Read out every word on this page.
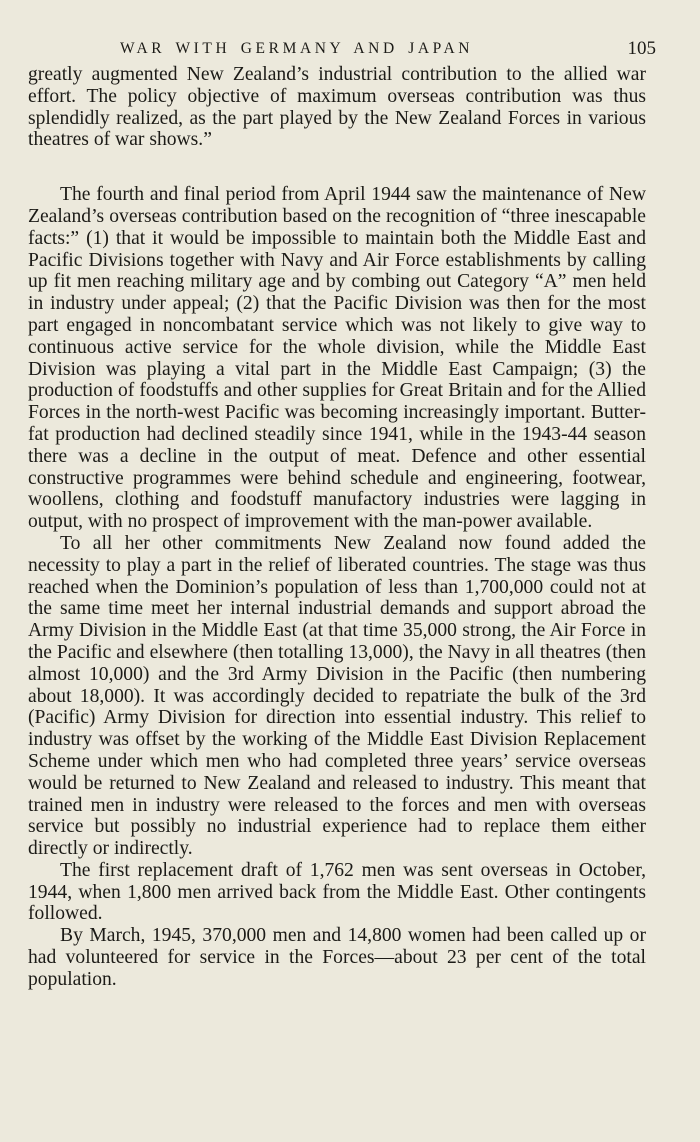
WAR WITH GERMANY AND JAPAN	105

greatly augmented New Zealand’s industrial contribution to the allied war effort. The policy objective of maximum overseas contribution was thus splendidly realized, as the part played by the New Zealand Forces in various theatres of war shows.”

The fourth and final period from April 1944 saw the maintenance of New Zealand’s overseas contribution based on the recognition of “three inescapable facts:” (1) that it would be impossible to maintain both the Middle East and Pacific Divisions together with Navy and Air Force establishments by calling up fit men reaching military age and by combing out Category “A” men held in industry under appeal; (2) that the Pacific Division was then for the most part engaged in noncombatant service which was not likely to give way to continuous active service for the whole division, while the Middle East Division was playing a vital part in the Middle East Campaign; (3) the production of foodstuffs and other supplies for Great Britain and for the Allied Forces in the north-west Pacific was becoming increasingly important. Butter-fat production had declined steadily since 1941, while in the 1943-44 season there was a decline in the output of meat. Defence and other essential constructive programmes were behind schedule and engineering, footwear, woollens, clothing and foodstuff manufactory industries were lagging in output, with no prospect of improvement with the man-power available.

To all her other commitments New Zealand now found added the necessity to play a part in the relief of liberated countries. The stage was thus reached when the Dominion’s population of less than 1,700,000 could not at the same time meet her internal industrial demands and support abroad the Army Division in the Middle East (at that time 35,000 strong, the Air Force in the Pacific and elsewhere (then totalling 13,000), the Navy in all theatres (then almost 10,000) and the 3rd Army Division in the Pacific (then numbering about 18,000). It was accordingly decided to repatriate the bulk of the 3rd (Pacific) Army Division for direction into essential industry. This relief to industry was offset by the working of the Middle East Division Replacement Scheme under which men who had completed three years’ service overseas would be returned to New Zealand and released to industry. This meant that trained men in industry were released to the forces and men with overseas service but possibly no industrial experience had to replace them either directly or indirectly.

The first replacement draft of 1,762 men was sent overseas in October, 1944, when 1,800 men arrived back from the Middle East. Other contingents followed.

By March, 1945, 370,000 men and 14,800 women had been called up or had volunteered for service in the Forces—about 23 per cent of the total population.
